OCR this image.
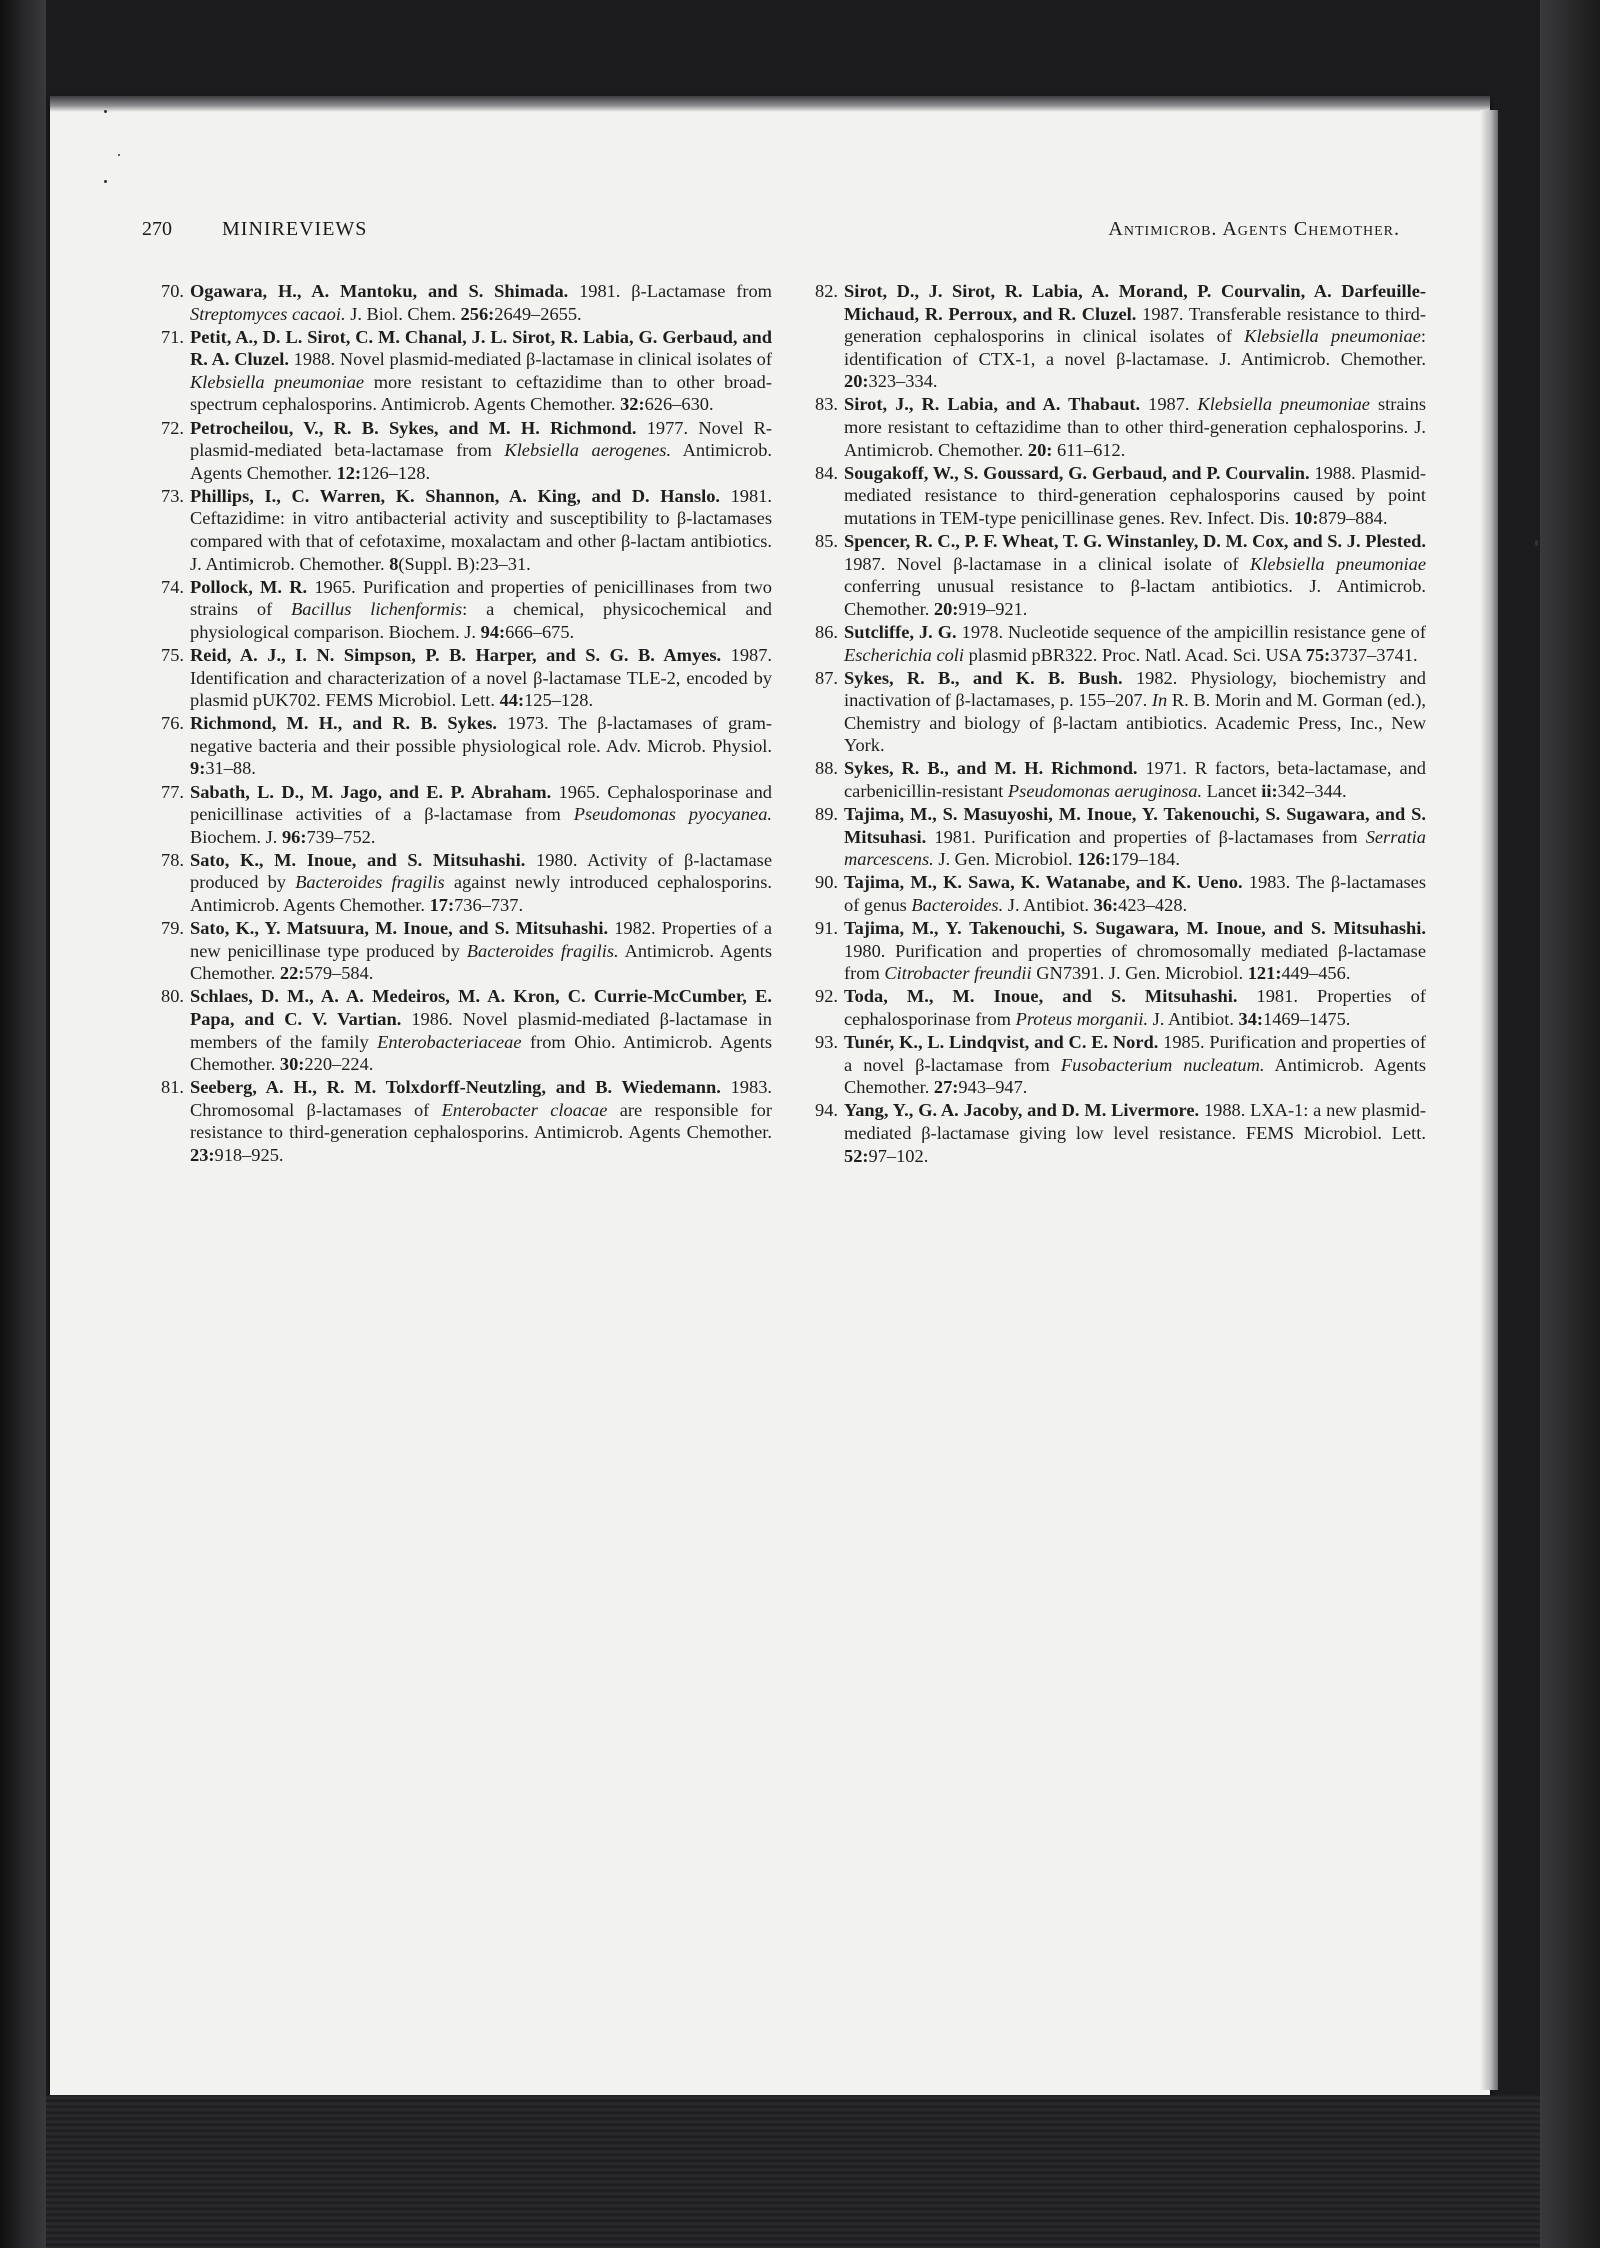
270	MINIREVIEWS	Antimicrob. Agents Chemother.
70. Ogawara, H., A. Mantoku, and S. Shimada. 1981. β-Lactamase from Streptomyces cacaoi. J. Biol. Chem. 256:2649–2655.
71. Petit, A., D. L. Sirot, C. M. Chanal, J. L. Sirot, R. Labia, G. Gerbaud, and R. A. Cluzel. 1988. Novel plasmid-mediated β-lactamase in clinical isolates of Klebsiella pneumoniae more resistant to ceftazidime than to other broad-spectrum cephalosporins. Antimicrob. Agents Chemother. 32:626–630.
72. Petrocheilou, V., R. B. Sykes, and M. H. Richmond. 1977. Novel R-plasmid-mediated beta-lactamase from Klebsiella aerogenes. Antimicrob. Agents Chemother. 12:126–128.
73. Phillips, I., C. Warren, K. Shannon, A. King, and D. Hanslo. 1981. Ceftazidime: in vitro antibacterial activity and susceptibility to β-lactamases compared with that of cefotaxime, moxalactam and other β-lactam antibiotics. J. Antimicrob. Chemother. 8(Suppl. B):23–31.
74. Pollock, M. R. 1965. Purification and properties of penicillinases from two strains of Bacillus lichenformis: a chemical, physicochemical and physiological comparison. Biochem. J. 94:666–675.
75. Reid, A. J., I. N. Simpson, P. B. Harper, and S. G. B. Amyes. 1987. Identification and characterization of a novel β-lactamase TLE-2, encoded by plasmid pUK702. FEMS Microbiol. Lett. 44:125–128.
76. Richmond, M. H., and R. B. Sykes. 1973. The β-lactamases of gram-negative bacteria and their possible physiological role. Adv. Microb. Physiol. 9:31–88.
77. Sabath, L. D., M. Jago, and E. P. Abraham. 1965. Cephalosporinase and penicillinase activities of a β-lactamase from Pseudomonas pyocyanea. Biochem. J. 96:739–752.
78. Sato, K., M. Inoue, and S. Mitsuhashi. 1980. Activity of β-lactamase produced by Bacteroides fragilis against newly introduced cephalosporins. Antimicrob. Agents Chemother. 17:736–737.
79. Sato, K., Y. Matsuura, M. Inoue, and S. Mitsuhashi. 1982. Properties of a new penicillinase type produced by Bacteroides fragilis. Antimicrob. Agents Chemother. 22:579–584.
80. Schlaes, D. M., A. A. Medeiros, M. A. Kron, C. Currie-McCumber, E. Papa, and C. V. Vartian. 1986. Novel plasmid-mediated β-lactamase in members of the family Enterobacteriaceae from Ohio. Antimicrob. Agents Chemother. 30:220–224.
81. Seeberg, A. H., R. M. Tolxdorff-Neutzling, and B. Wiedemann. 1983. Chromosomal β-lactamases of Enterobacter cloacae are responsible for resistance to third-generation cephalosporins. Antimicrob. Agents Chemother. 23:918–925.
82. Sirot, D., J. Sirot, R. Labia, A. Morand, P. Courvalin, A. Darfeuille-Michaud, R. Perroux, and R. Cluzel. 1987. Transferable resistance to third-generation cephalosporins in clinical isolates of Klebsiella pneumoniae: identification of CTX-1, a novel β-lactamase. J. Antimicrob. Chemother. 20:323–334.
83. Sirot, J., R. Labia, and A. Thabaut. 1987. Klebsiella pneumoniae strains more resistant to ceftazidime than to other third-generation cephalosporins. J. Antimicrob. Chemother. 20: 611–612.
84. Sougakoff, W., S. Goussard, G. Gerbaud, and P. Courvalin. 1988. Plasmid-mediated resistance to third-generation cephalosporins caused by point mutations in TEM-type penicillinase genes. Rev. Infect. Dis. 10:879–884.
85. Spencer, R. C., P. F. Wheat, T. G. Winstanley, D. M. Cox, and S. J. Plested. 1987. Novel β-lactamase in a clinical isolate of Klebsiella pneumoniae conferring unusual resistance to β-lactam antibiotics. J. Antimicrob. Chemother. 20:919–921.
86. Sutcliffe, J. G. 1978. Nucleotide sequence of the ampicillin resistance gene of Escherichia coli plasmid pBR322. Proc. Natl. Acad. Sci. USA 75:3737–3741.
87. Sykes, R. B., and K. B. Bush. 1982. Physiology, biochemistry and inactivation of β-lactamases, p. 155–207. In R. B. Morin and M. Gorman (ed.), Chemistry and biology of β-lactam antibiotics. Academic Press, Inc., New York.
88. Sykes, R. B., and M. H. Richmond. 1971. R factors, beta-lactamase, and carbenicillin-resistant Pseudomonas aeruginosa. Lancet ii:342–344.
89. Tajima, M., S. Masuyoshi, M. Inoue, Y. Takenouchi, S. Sugawara, and S. Mitsuhasi. 1981. Purification and properties of β-lactamases from Serratia marcescens. J. Gen. Microbiol. 126:179–184.
90. Tajima, M., K. Sawa, K. Watanabe, and K. Ueno. 1983. The β-lactamases of genus Bacteroides. J. Antibiot. 36:423–428.
91. Tajima, M., Y. Takenouchi, S. Sugawara, M. Inoue, and S. Mitsuhashi. 1980. Purification and properties of chromosomally mediated β-lactamase from Citrobacter freundii GN7391. J. Gen. Microbiol. 121:449–456.
92. Toda, M., M. Inoue, and S. Mitsuhashi. 1981. Properties of cephalosporinase from Proteus morganii. J. Antibiot. 34:1469–1475.
93. Tunér, K., L. Lindqvist, and C. E. Nord. 1985. Purification and properties of a novel β-lactamase from Fusobacterium nucleatum. Antimicrob. Agents Chemother. 27:943–947.
94. Yang, Y., G. A. Jacoby, and D. M. Livermore. 1988. LXA-1: a new plasmid-mediated β-lactamase giving low level resistance. FEMS Microbiol. Lett. 52:97–102.
